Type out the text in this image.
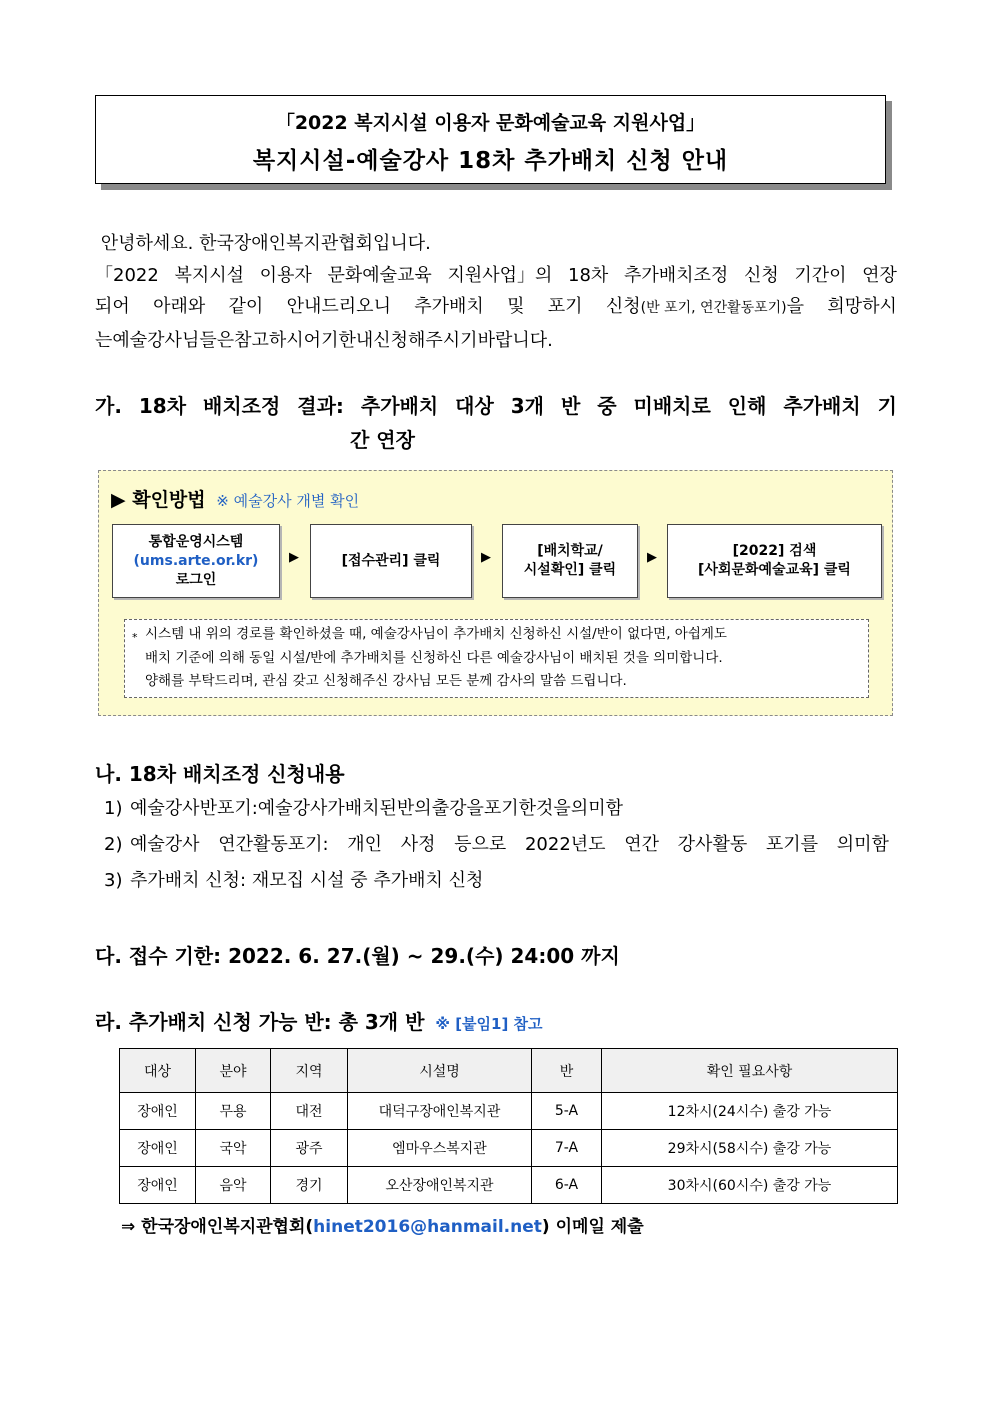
「2022 복지시설 이용자 문화예술교육 지원사업」
복지시설-예술강사 18차 추가배치 신청 안내
안녕하세요. 한국장애인복지관협회입니다.
「2022 복지시설 이용자 문화예술교육 지원사업」의 18차 추가배치조정 신청 기간이 연장
되어 아래와 같이 안내드리오니 추가배치 및 포기 신청(반 포기, 연간활동포기)을 희망하시
는 예술강사님들은 참고하시어 기한 내 신청해 주시기 바랍니다.
가. 18차 배치조정 결과: 추가배치 대상 3개 반 중 미배치로 인해 추가배치 기
간 연장
▶ 확인방법 ※ 예술강사 개별 확인
통합운영시스템
(ums.arte.or.kr)
로그인
▶	[접수관리] 클릭	▶	[배치학교/
시설확인] 클릭
▶	[2022] 검색
[사회문화예술교육] 클릭
* 시스템 내 위의 경로를 확인하셨을 때, 예술강사님이 추가배치 신청하신 시설/반이 없다면, 아쉽게도
배치 기준에 의해 동일 시설/반에 추가배치를 신청하신 다른 예술강사님이 배치된 것을 의미합니다.
양해를 부탁드리며, 관심 갖고 신청해주신 강사님 모든 분께 감사의 말씀 드립니다.
나. 18차 배치조정 신청내용
1) 예술강사 반 포기: 예술강사가 배치된 반의 출강을 포기한 것을 의미함
2) 예술강사 연간활동포기: 개인 사정 등으로 2022년도 연간 강사활동 포기를 의미함
3) 추가배치 신청: 재모집 시설 중 추가배치 신청
다. 접수 기한: 2022. 6. 27.(월) ~ 29.(수) 24:00 까지
라. 추가배치 신청 가능 반: 총 3개 반 ※ [붙임1] 참고
대상	분야	지역	시설명	반	확인 필요사항
장애인	무용	대전	대덕구장애인복지관	5-A	12차시(24시수) 출강 가능
장애인	국악	광주	엠마우스복지관	7-A	29차시(58시수) 출강 가능
장애인	음악	경기	오산장애인복지관	6-A	30차시(60시수) 출강 가능
⇒ 한국장애인복지관협회(hinet2016@hanmail.net) 이메일 제출
